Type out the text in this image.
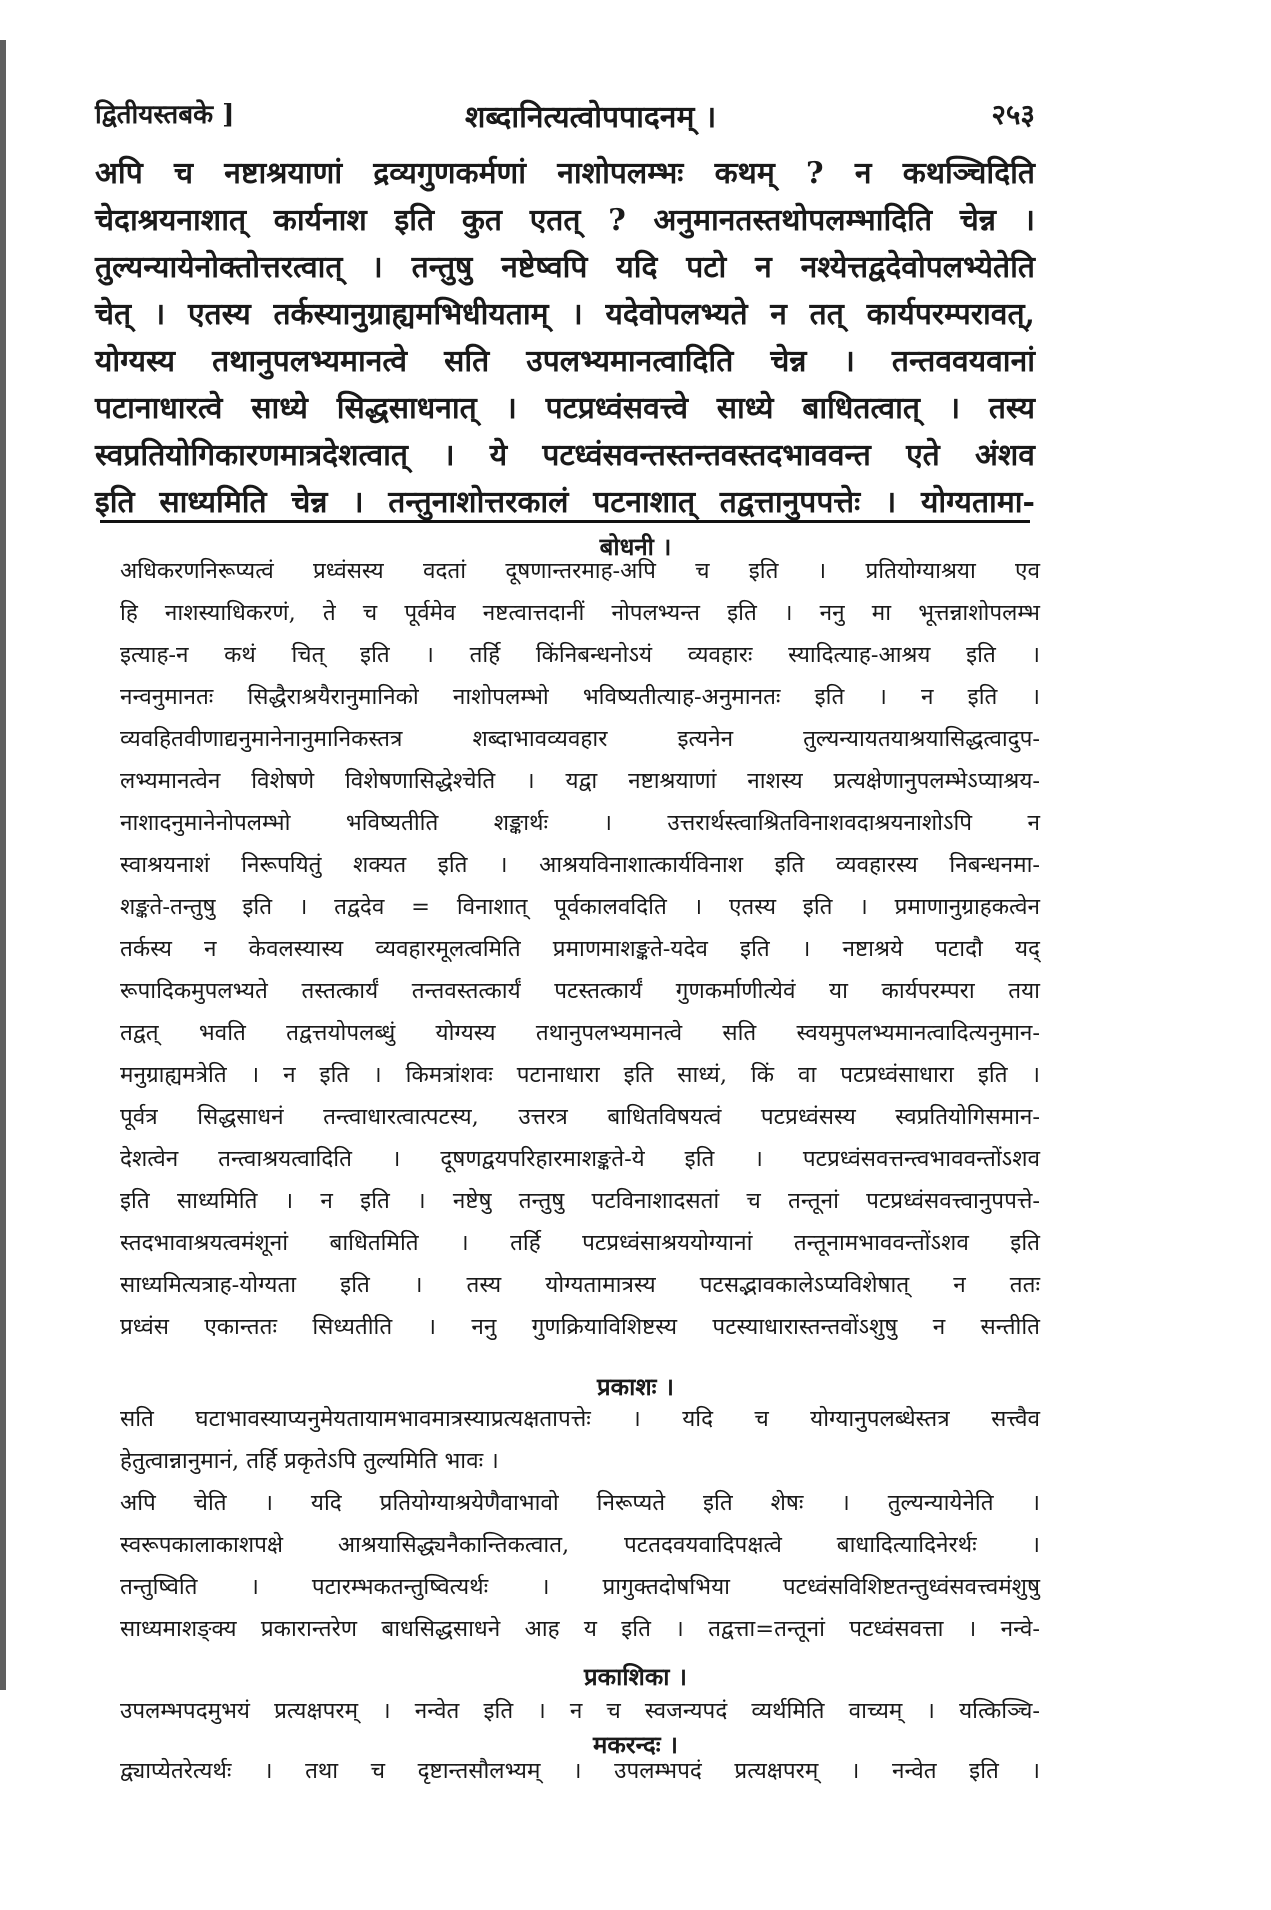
द्वितीयस्तबके ]	शब्दानित्यत्वोपपादनम् ।	२५३

अपि च नष्टाश्रयाणां द्रव्यगुणकर्मणां नाशोपलम्भः कथम् ? न कथञ्चिदिति

चेदाश्रयनाशात् कार्यनाश इति कुत एतत् ? अनुमानतस्तथोपलम्भादिति चेन्न ।

तुल्यन्यायेनोक्तोत्तरत्वात् । तन्तुषु नष्टेष्वपि यदि पटो न नश्येत्तद्वदेवोपलभ्येतेति

चेत् । एतस्य तर्कस्यानुग्राह्यमभिधीयताम् । यदेवोपलभ्यते न तत् कार्यपरम्परावत्,

योग्यस्य तथानुपलभ्यमानत्वे सति उपलभ्यमानत्वादिति चेन्न । तन्तववयवानां

पटानाधारत्वे साध्ये सिद्धसाधनात् । पटप्रध्वंसवत्त्वे साध्ये बाधितत्वात् । तस्य

स्वप्रतियोगिकारणमात्रदेशत्वात् । ये पटध्वंसवन्तस्तन्तवस्तदभाववन्त एते अंशव

इति साध्यमिति चेन्न । तन्तुनाशोत्तरकालं पटनाशात् तद्वत्तानुपपत्तेः । योग्यतामा-

बोधनी ।

अधिकरणनिरूप्यत्वं प्रध्वंसस्य वदतां दूषणान्तरमाह-अपि च इति । प्रतियोग्याश्रया एव

हि नाशस्याधिकरणं, ते च पूर्वमेव नष्टत्वात्तदानीं नोपलभ्यन्त इति । ननु मा भूत्तन्नाशोपलम्भ

इत्याह-न कथं चित् इति । तर्हि किंनिबन्धनोऽयं व्यवहारः स्यादित्याह-आश्रय इति ।

नन्वनुमानतः सिद्धैराश्रयैरानुमानिको नाशोपलम्भो भविष्यतीत्याह-अनुमानतः इति । न इति ।

व्यवहितवीणाद्यनुमानेनानुमानिकस्तत्र शब्दाभावव्यवहार इत्यनेन तुल्यन्यायतयाश्रयासिद्धत्वादुप-

लभ्यमानत्वेन विशेषणे विशेषणासिद्धेश्चेति । यद्वा नष्टाश्रयाणां नाशस्य प्रत्यक्षेणानुपलम्भेऽप्याश्रय-

नाशादनुमानेनोपलम्भो भविष्यतीति शङ्कार्थः । उत्तरार्थस्त्वाश्रितविनाशवदाश्रयनाशोऽपि न

स्वाश्रयनाशं निरूपयितुं शक्यत इति । आश्रयविनाशात्कार्यविनाश इति व्यवहारस्य निबन्धनमा-

शङ्कते-तन्तुषु इति । तद्वदेव = विनाशात् पूर्वकालवदिति । एतस्य इति । प्रमाणानुग्राहकत्वेन

तर्कस्य न केवलस्यास्य व्यवहारमूलत्वमिति प्रमाणमाशङ्कते-यदेव इति । नष्टाश्रये पटादौ यद्

रूपादिकमुपलभ्यते तस्तत्कार्यं तन्तवस्तत्कार्यं पटस्तत्कार्यं गुणकर्माणीत्येवं या कार्यपरम्परा तया

तद्वत् भवति तद्वत्तयोपलब्धुं योग्यस्य तथानुपलभ्यमानत्वे सति स्वयमुपलभ्यमानत्वादित्यनुमान-

मनुग्राह्यमत्रेति । न इति । किमत्रांशवः पटानाधारा इति साध्यं, किं वा पटप्रध्वंसाधारा इति ।

पूर्वत्र सिद्धसाधनं तन्त्वाधारत्वात्पटस्य, उत्तरत्र बाधितविषयत्वं पटप्रध्वंसस्य स्वप्रतियोगिसमान-

देशत्वेन तन्त्वाश्रयत्वादिति । दूषणद्वयपरिहारमाशङ्कते-ये इति । पटप्रध्वंसवत्तन्त्वभाववन्तोंऽशव

इति साध्यमिति । न इति । नष्टेषु तन्तुषु पटविनाशादसतां च तन्तूनां पटप्रध्वंसवत्त्वानुपपत्ते-

स्तदभावाश्रयत्वमंशूनां बाधितमिति । तर्हि पटप्रध्वंसाश्रययोग्यानां तन्तूनामभाववन्तोंऽशव इति

साध्यमित्यत्राह-योग्यता इति । तस्य योग्यतामात्रस्य पटसद्भावकालेऽप्यविशेषात् न ततः

प्रध्वंस एकान्ततः सिध्यतीति । ननु गुणक्रियाविशिष्टस्य पटस्याधारास्तन्तवोंऽशुषु न सन्तीति

प्रकाशः ।

सति घटाभावस्याप्यनुमेयतायामभावमात्रस्याप्रत्यक्षतापत्तेः । यदि च योग्यानुपलब्धेस्तत्र सत्त्वैव

हेतुत्वान्नानुमानं, तर्हि प्रकृतेऽपि तुल्यमिति भावः ।

अपि चेति । यदि प्रतियोग्याश्रयेणैवाभावो निरूप्यते इति शेषः । तुल्यन्यायेनेति ।

स्वरूपकालाकाशपक्षे आश्रयासिद्ध्यनैकान्तिकत्वात, पटतदवयवादिपक्षत्वे बाधादित्यादिनेरर्थः ।

तन्तुष्विति । पटारम्भकतन्तुष्वित्यर्थः । प्रागुक्तदोषभिया पटध्वंसविशिष्टतन्तुध्वंसवत्त्वमंशुषु

साध्यमाशङ्क्य प्रकारान्तरेण बाधसिद्धसाधने आह य इति । तद्वत्ता=तन्तूनां पटध्वंसवत्ता । नन्वे-

प्रकाशिका ।

उपलम्भपदमुभयं प्रत्यक्षपरम् । नन्वेत इति । न च स्वजन्यपदं व्यर्थमिति वाच्यम् । यत्किञ्चि-

मकरन्दः ।

द्व्याप्येतरेत्यर्थः । तथा च दृष्टान्तसौलभ्यम् । उपलम्भपदं प्रत्यक्षपरम् । नन्वेत इति ।
